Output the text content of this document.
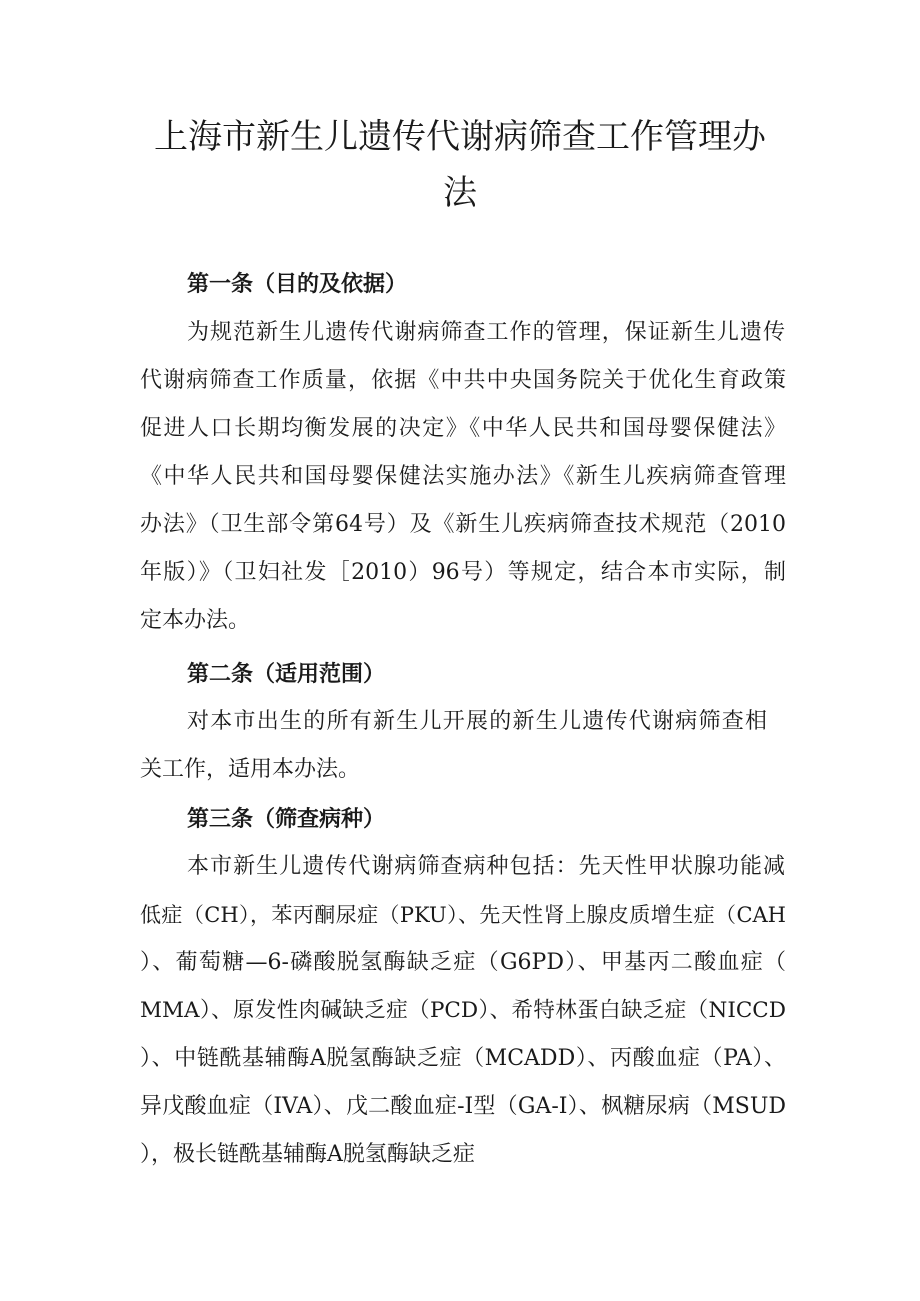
上海市新生儿遗传代谢病筛查工作管理办
法
第一条（目的及依据）
为规范新生儿遗传代谢病筛查工作的管理，保证新生儿遗传
代谢病筛查工作质量，依据《中共中央国务院关于优化生育政策
促进人口长期均衡发展的决定》《中华人民共和国母婴保健法》
《中华人民共和国母婴保健法实施办法》《新生儿疾病筛查管理
办法》（卫生部令第64号）及《新生儿疾病筛查技术规范（2010
年版）》（卫妇社发［2010）96号）等规定，结合本市实际，制
定本办法。
第二条（适用范围）
对本市出生的所有新生儿开展的新生儿遗传代谢病筛查相
关工作，适用本办法。
第三条（筛查病种）
本市新生儿遗传代谢病筛查病种包括：先天性甲状腺功能减
低症（CH），苯丙酮尿症（PKU）、先天性肾上腺皮质增生症（CAH
）、葡萄糖—6-磷酸脱氢酶缺乏症（G6PD）、甲基丙二酸血症（
MMA）、原发性肉碱缺乏症（PCD）、希特林蛋白缺乏症（NICCD
）、中链酰基辅酶A脱氢酶缺乏症（MCADD）、丙酸血症（PA）、
异戊酸血症（IVA）、戊二酸血症-I型（GA-I）、枫糖尿病（MSUD
），极长链酰基辅酶A脱氢酶缺乏症
